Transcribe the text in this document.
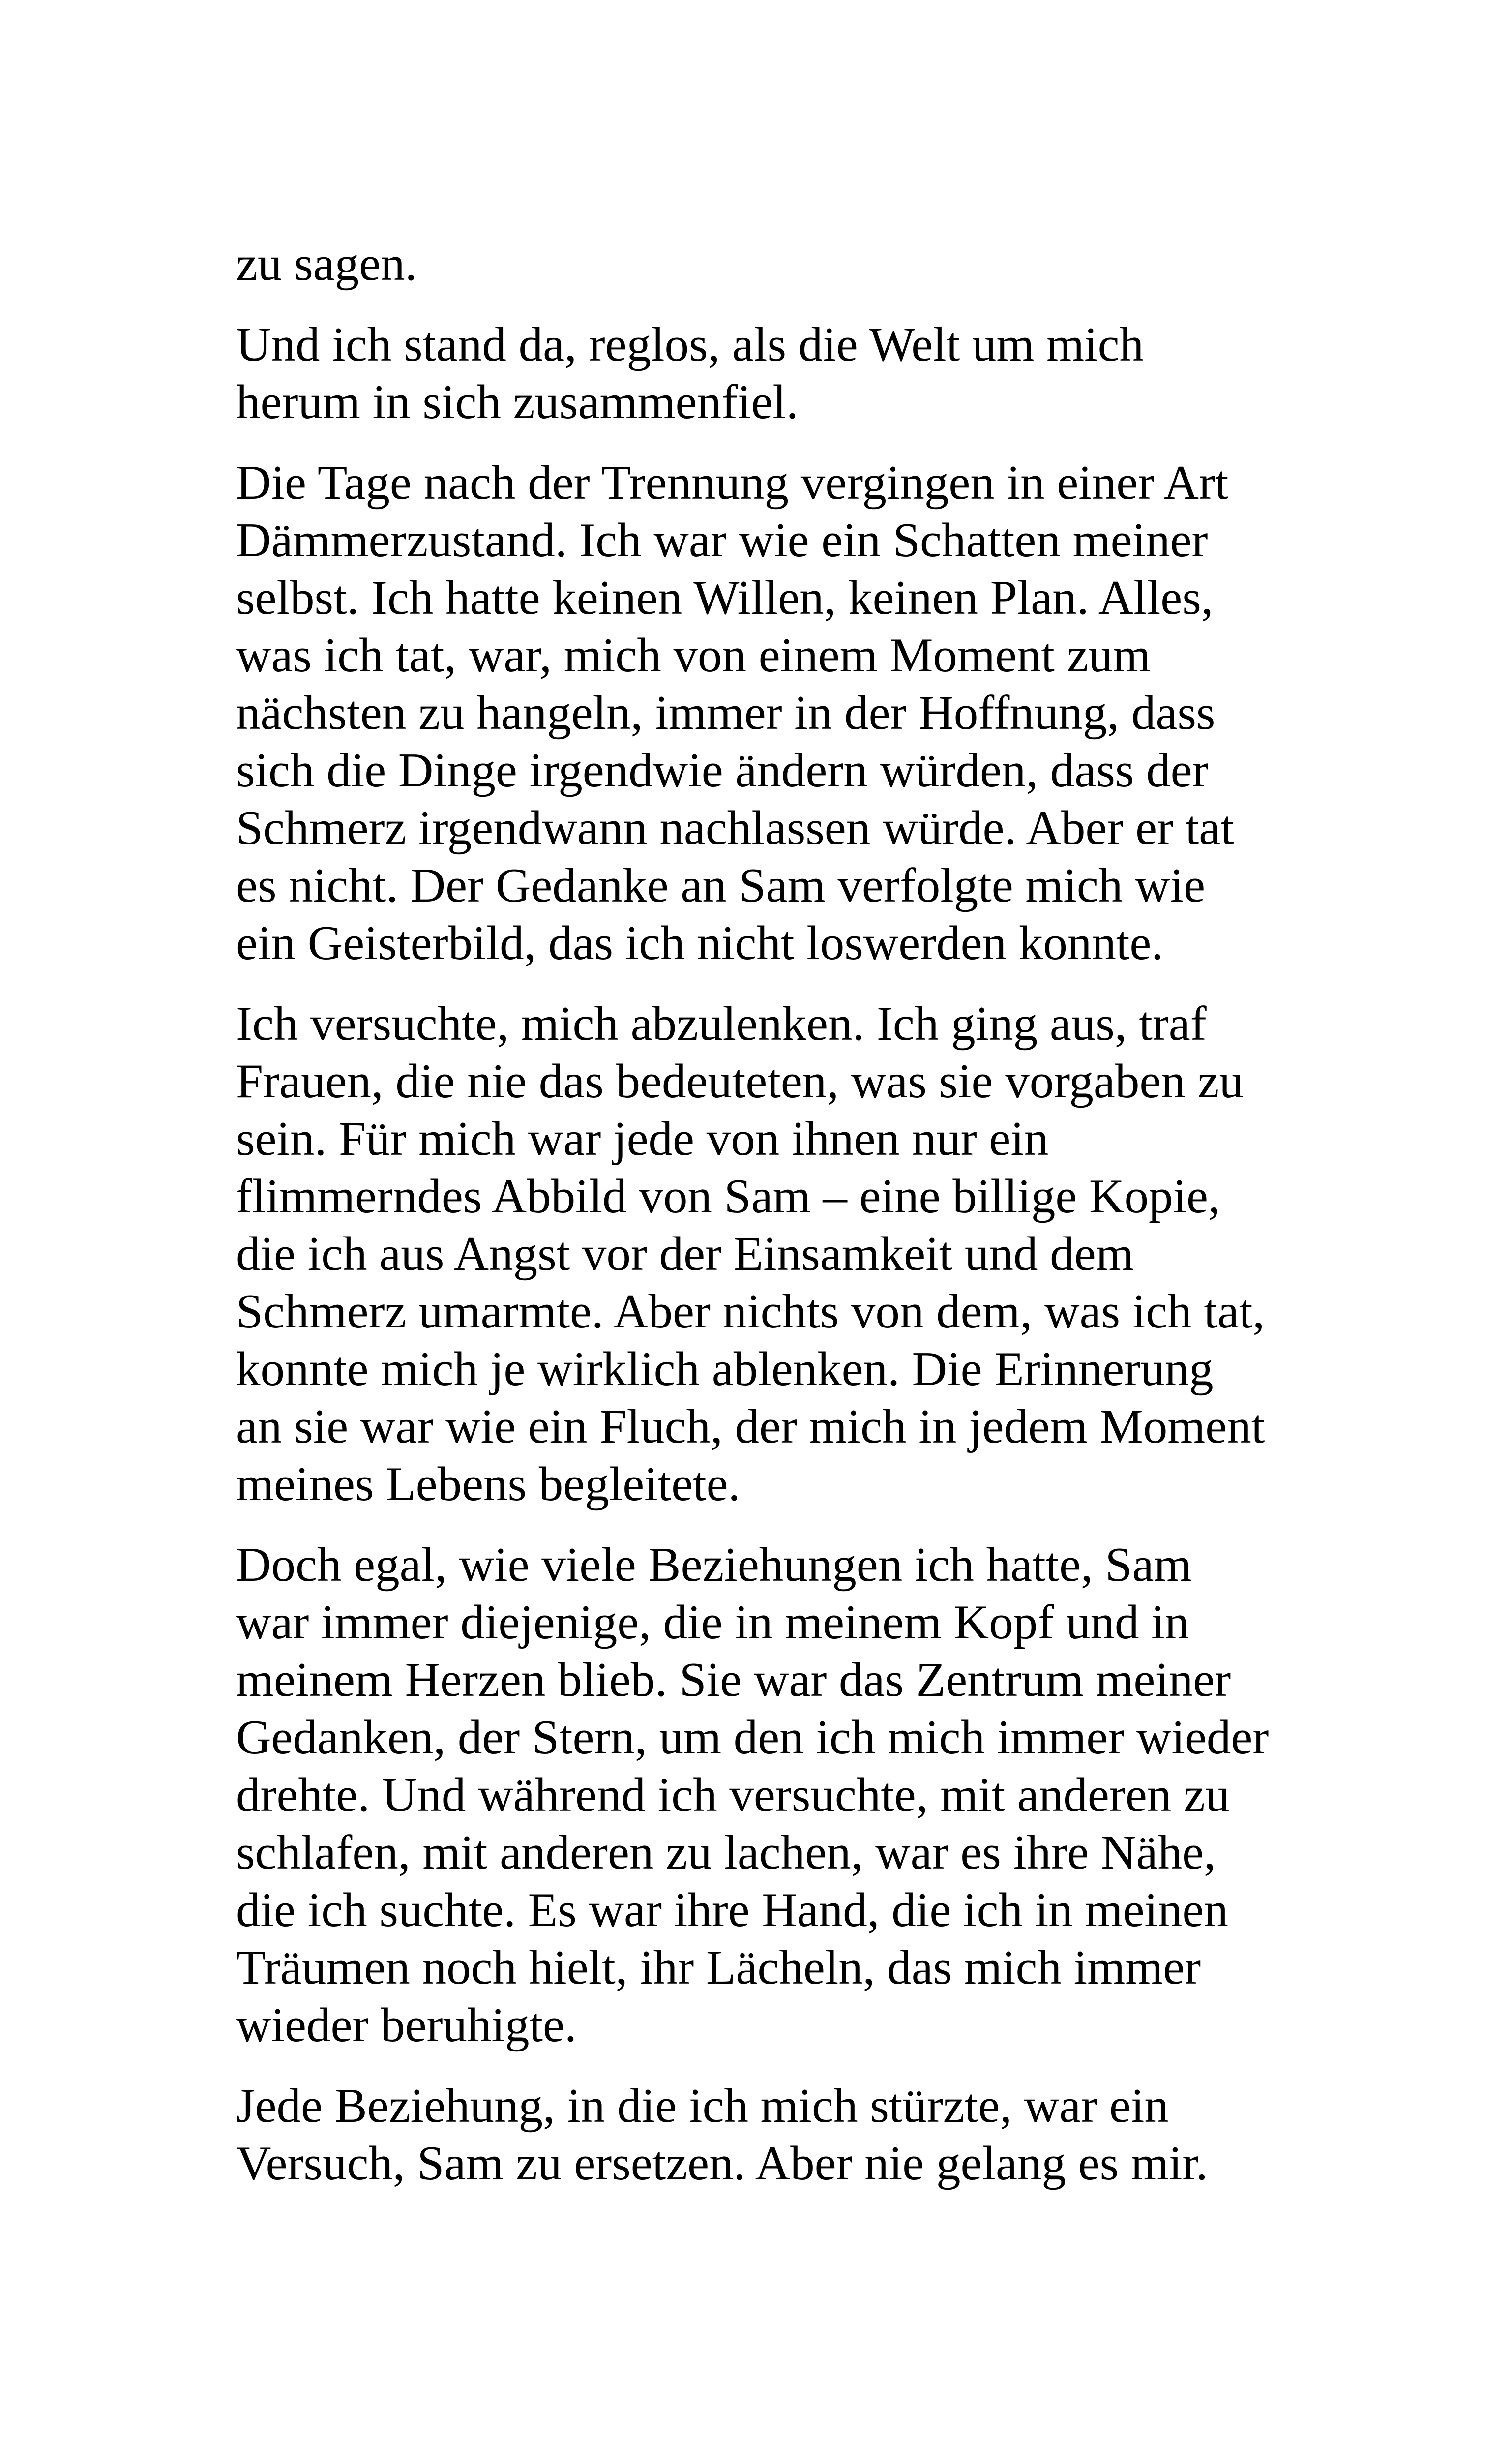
zu sagen.

Und ich stand da, reglos, als die Welt um mich
herum in sich zusammenfiel.

Die Tage nach der Trennung vergingen in einer Art
Dämmerzustand. Ich war wie ein Schatten meiner
selbst. Ich hatte keinen Willen, keinen Plan. Alles,
was ich tat, war, mich von einem Moment zum
nächsten zu hangeln, immer in der Hoffnung, dass
sich die Dinge irgendwie ändern würden, dass der
Schmerz irgendwann nachlassen würde. Aber er tat
es nicht. Der Gedanke an Sam verfolgte mich wie
ein Geisterbild, das ich nicht loswerden konnte.

Ich versuchte, mich abzulenken. Ich ging aus, traf
Frauen, die nie das bedeuteten, was sie vorgaben zu
sein. Für mich war jede von ihnen nur ein
flimmerndes Abbild von Sam – eine billige Kopie,
die ich aus Angst vor der Einsamkeit und dem
Schmerz umarmte. Aber nichts von dem, was ich tat,
konnte mich je wirklich ablenken. Die Erinnerung
an sie war wie ein Fluch, der mich in jedem Moment
meines Lebens begleitete.

Doch egal, wie viele Beziehungen ich hatte, Sam
war immer diejenige, die in meinem Kopf und in
meinem Herzen blieb. Sie war das Zentrum meiner
Gedanken, der Stern, um den ich mich immer wieder
drehte. Und während ich versuchte, mit anderen zu
schlafen, mit anderen zu lachen, war es ihre Nähe,
die ich suchte. Es war ihre Hand, die ich in meinen
Träumen noch hielt, ihr Lächeln, das mich immer
wieder beruhigte.

Jede Beziehung, in die ich mich stürzte, war ein
Versuch, Sam zu ersetzen. Aber nie gelang es mir.
